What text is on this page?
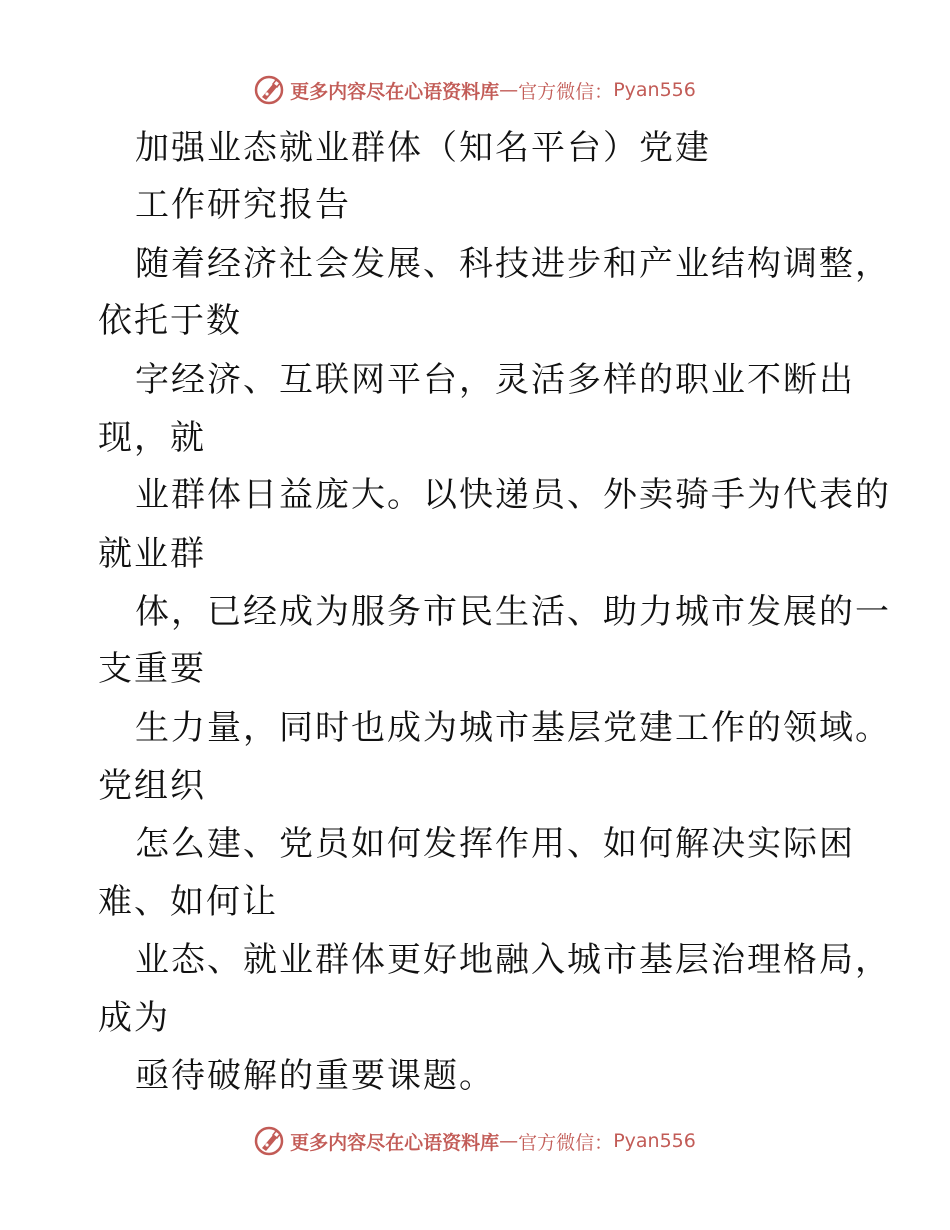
更多内容尽在心语资料库 — 官方微信： Pyan556
加强业态就业群体（知名平台）党建
工作研究报告
随着经济社会发展、科技进步和产业结构调整，
依托于数
字经济、互联网平台，灵活多样的职业不断出
现，就
业群体日益庞大。以快递员、外卖骑手为代表的
就业群
体，已经成为服务市民生活、助力城市发展的一
支重要
生力量，同时也成为城市基层党建工作的领域。
党组织
怎么建、党员如何发挥作用、如何解决实际困
难、如何让
业态、就业群体更好地融入城市基层治理格局，
成为
亟待破解的重要课题。
更多内容尽在心语资料库 — 官方微信： Pyan556
